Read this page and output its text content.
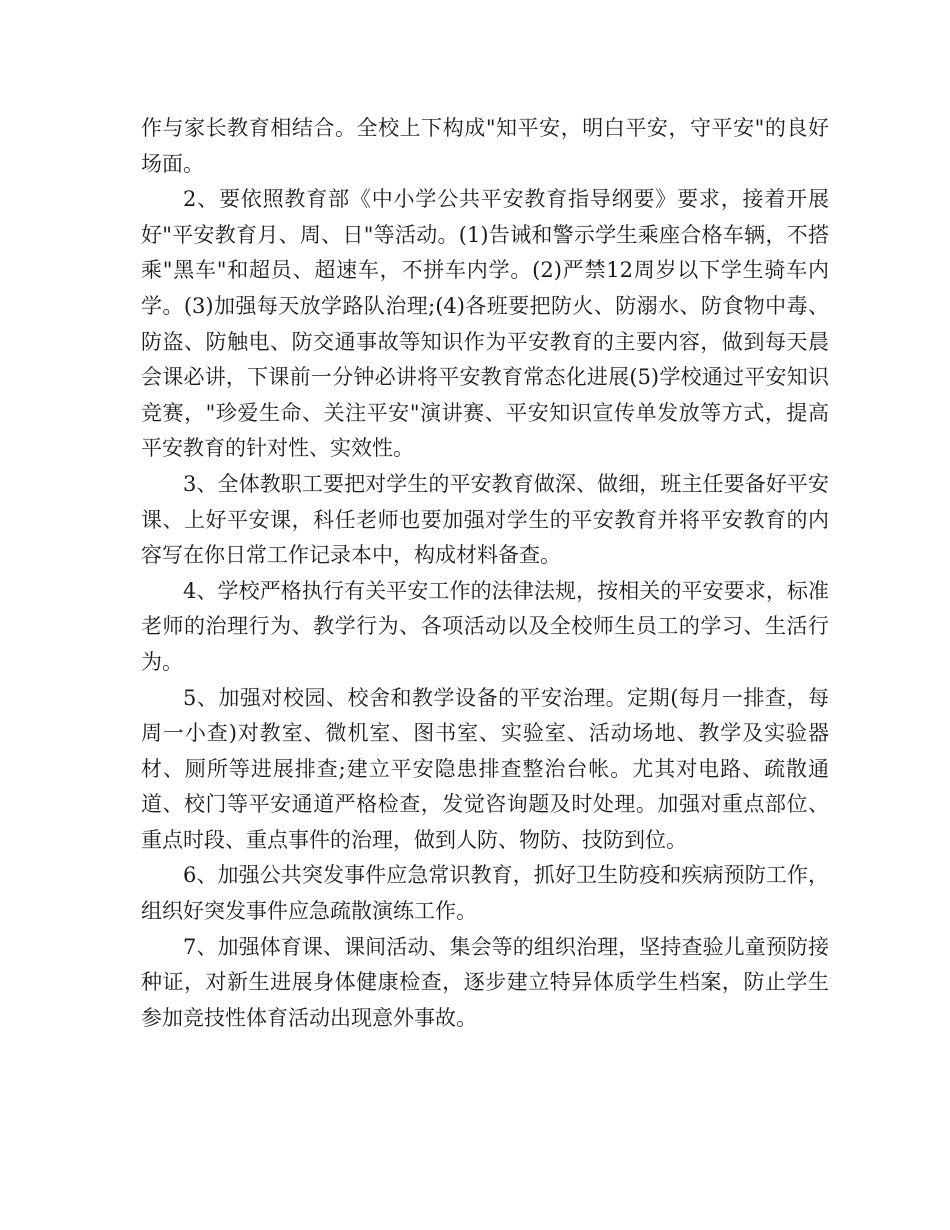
作与家长教育相结合。全校上下构成"知平安，明白平安，守平安"的良好场面。

2、要依照教育部《中小学公共平安教育指导纲要》要求，接着开展好"平安教育月、周、日"等活动。(1)告诫和警示学生乘座合格车辆，不搭乘"黑车"和超员、超速车，不拼车内学。(2)严禁12周岁以下学生骑车内学。(3)加强每天放学路队治理;(4)各班要把防火、防溺水、防食物中毒、防盗、防触电、防交通事故等知识作为平安教育的主要内容，做到每天晨会课必讲，下课前一分钟必讲将平安教育常态化进展(5)学校通过平安知识竞赛，"珍爱生命、关注平安"演讲赛、平安知识宣传单发放等方式，提高平安教育的针对性、实效性。

3、全体教职工要把对学生的平安教育做深、做细，班主任要备好平安课、上好平安课，科任老师也要加强对学生的平安教育并将平安教育的内容写在你日常工作记录本中，构成材料备查。

4、学校严格执行有关平安工作的法律法规，按相关的平安要求，标准老师的治理行为、教学行为、各项活动以及全校师生员工的学习、生活行为。

5、加强对校园、校舍和教学设备的平安治理。定期(每月一排查，每周一小查)对教室、微机室、图书室、实验室、活动场地、教学及实验器材、厕所等进展排查;建立平安隐患排查整治台帐。尤其对电路、疏散通道、校门等平安通道严格检查，发觉咨询题及时处理。加强对重点部位、重点时段、重点事件的治理，做到人防、物防、技防到位。

6、加强公共突发事件应急常识教育，抓好卫生防疫和疾病预防工作，组织好突发事件应急疏散演练工作。

7、加强体育课、课间活动、集会等的组织治理，坚持查验儿童预防接种证，对新生进展身体健康检查，逐步建立特异体质学生档案，防止学生参加竞技性体育活动出现意外事故。
